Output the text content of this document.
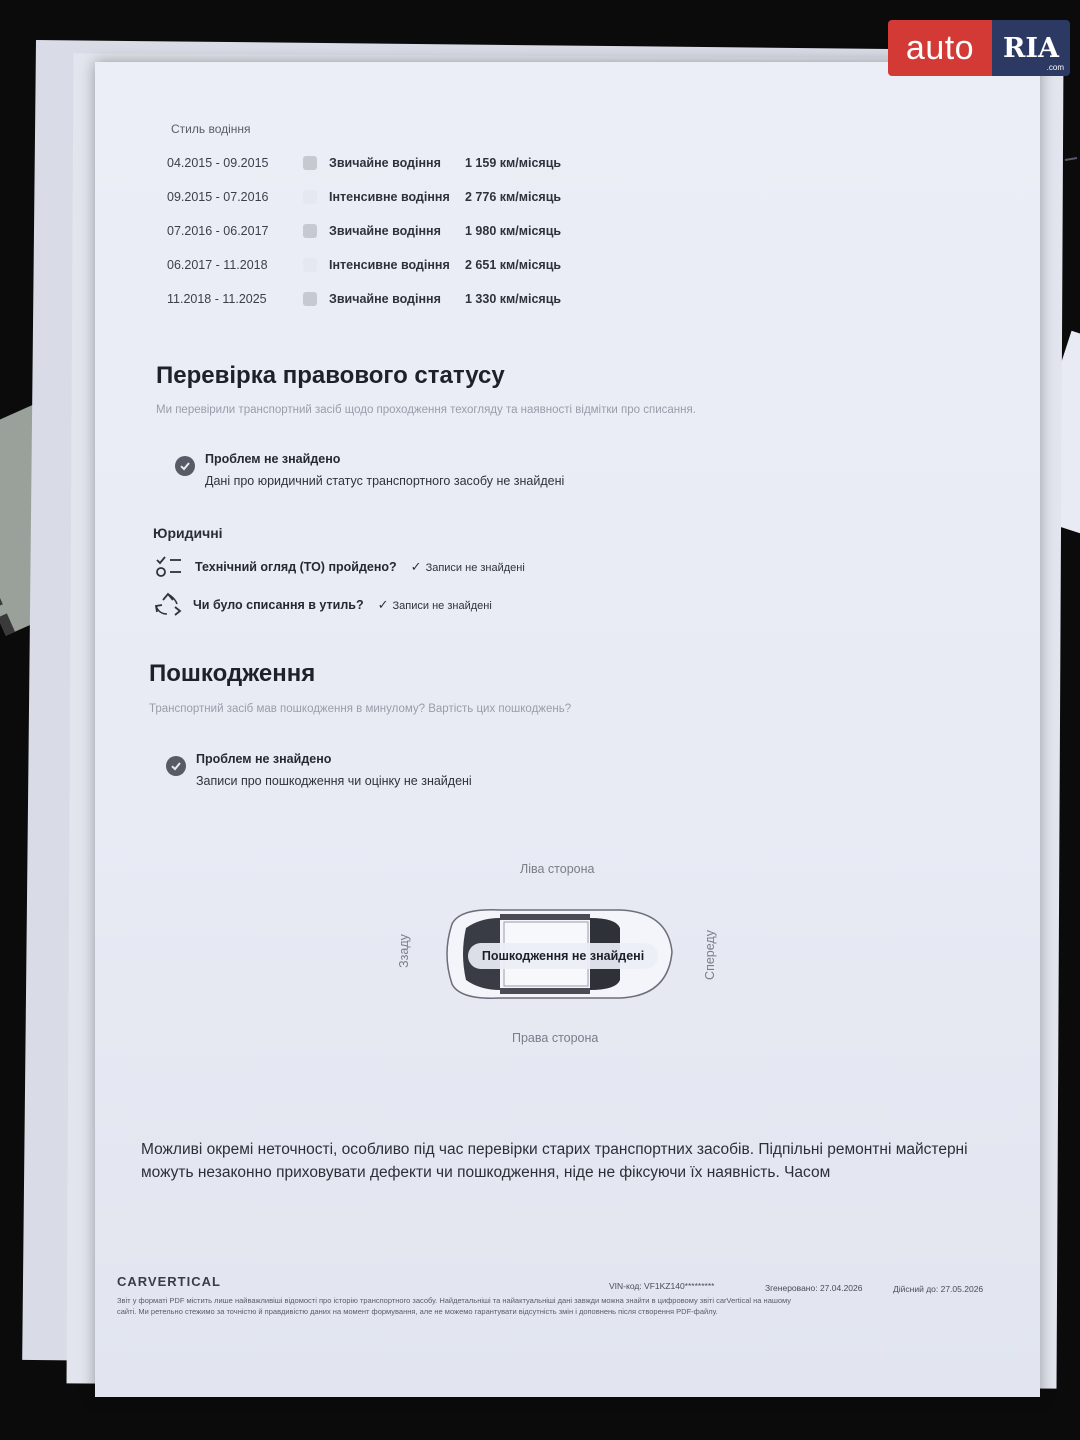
Стиль водіння
04.2015 - 09.2015	Звичайне водіння	1 159 км/місяць
09.2015 - 07.2016	Інтенсивне водіння	2 776 км/місяць
07.2016 - 06.2017	Звичайне водіння	1 980 км/місяць
06.2017 - 11.2018	Інтенсивне водіння	2 651 км/місяць
11.2018 - 11.2025	Звичайне водіння	1 330 км/місяць
Перевірка правового статусу
Ми перевірили транспортний засіб щодо проходження техогляду та наявності відмітки про списання.
Проблем не знайдено
Дані про юридичний статус транспортного засобу не знайдені
Юридичні
Технічний огляд (ТО) пройдено? ✓ Записи не знайдені
Чи було списання в утиль? ✓ Записи не знайдені
Пошкодження
Транспортний засіб мав пошкодження в минулому? Вартість цих пошкоджень?
Проблем не знайдено
Записи про пошкодження чи оцінку не знайдені
Ліва сторона
Права сторона
Ззаду	Спереду
Пошкодження не знайдені
Можливі окремі неточності, особливо під час перевірки старих транспортних засобів. Підпільні ремонтні майстерні можуть незаконно приховувати дефекти чи пошкодження, ніде не фіксуючи їх наявність. Часом
CARVERTICAL	VIN-код: VF1KZ140*********	Згенеровано: 27.04.2026	Дійсний до: 27.05.2026
Звіт у форматі PDF містить лише найважливіші відомості про історію транспортного засобу. Найдетальніші та найактуальніші дані завжди можна знайти в цифровому звіті carVertical на нашому
сайті. Ми ретельно стежимо за точністю й правдивістю даних на момент формування, але не можемо гарантувати відсутність змін і доповнень після створення PDF-файлу.
auto	RIA
.com
